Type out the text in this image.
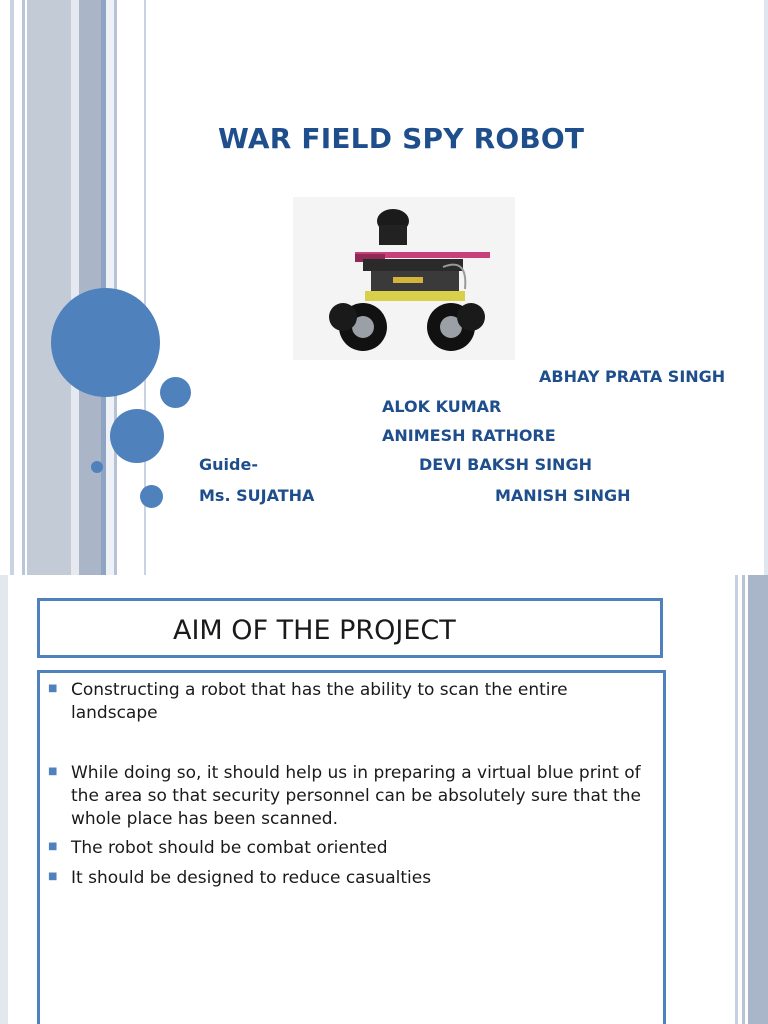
WAR FIELD SPY ROBOT
ABHAY PRATA SINGH
ALOK KUMAR
ANIMESH RATHORE
Guide-	DEVI BAKSH SINGH
Ms. SUJATHA	MANISH SINGH
AIM OF THE PROJECT
■ Constructing a robot that has the ability to scan the entire landscape
■ While doing so, it should help us in preparing a virtual blue print of the area so that security personnel can be absolutely sure that the whole place has been scanned.
■ The robot should be combat oriented
■ It should be designed to reduce casualties
